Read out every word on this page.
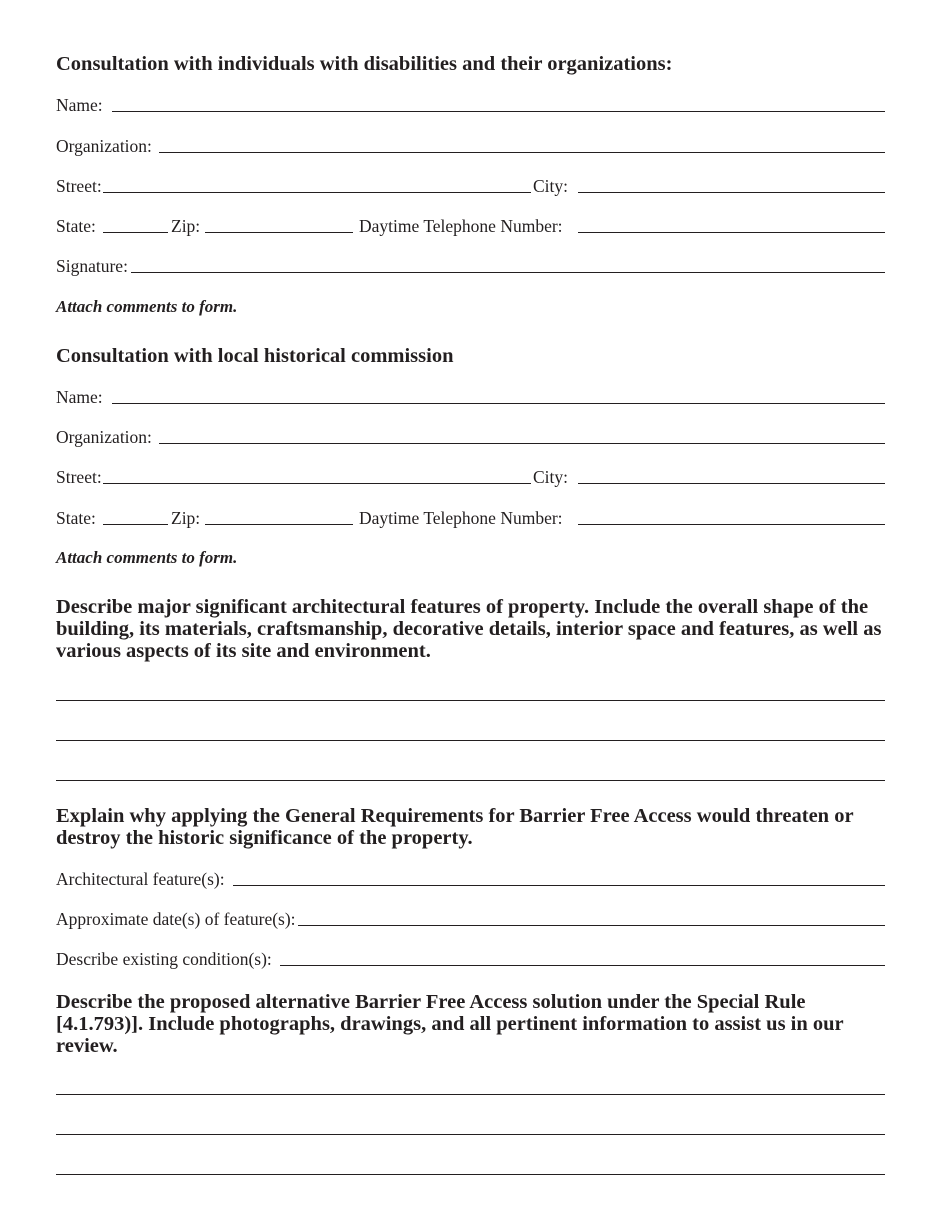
Consultation with individuals with disabilities and their organizations:
Name:
Organization:
Street:	City:
State:	Zip:	Daytime Telephone Number:
Signature:
Attach comments to form.
Consultation with local historical commission
Name:
Organization:
Street:	City:
State:	Zip:	Daytime Telephone Number:
Attach comments to form.
Describe major significant architectural features of property. Include the overall shape of the
building, its materials, craftsmanship, decorative details, interior space and features, as well as
various aspects of its site and environment.
Explain why applying the General Requirements for Barrier Free Access would threaten or
destroy the historic significance of the property.
Architectural feature(s):
Approximate date(s) of feature(s):
Describe existing condition(s):
Describe the proposed alternative Barrier Free Access solution under the Special Rule
[4.1.793)]. Include photographs, drawings, and all pertinent information to assist us in our
review.
